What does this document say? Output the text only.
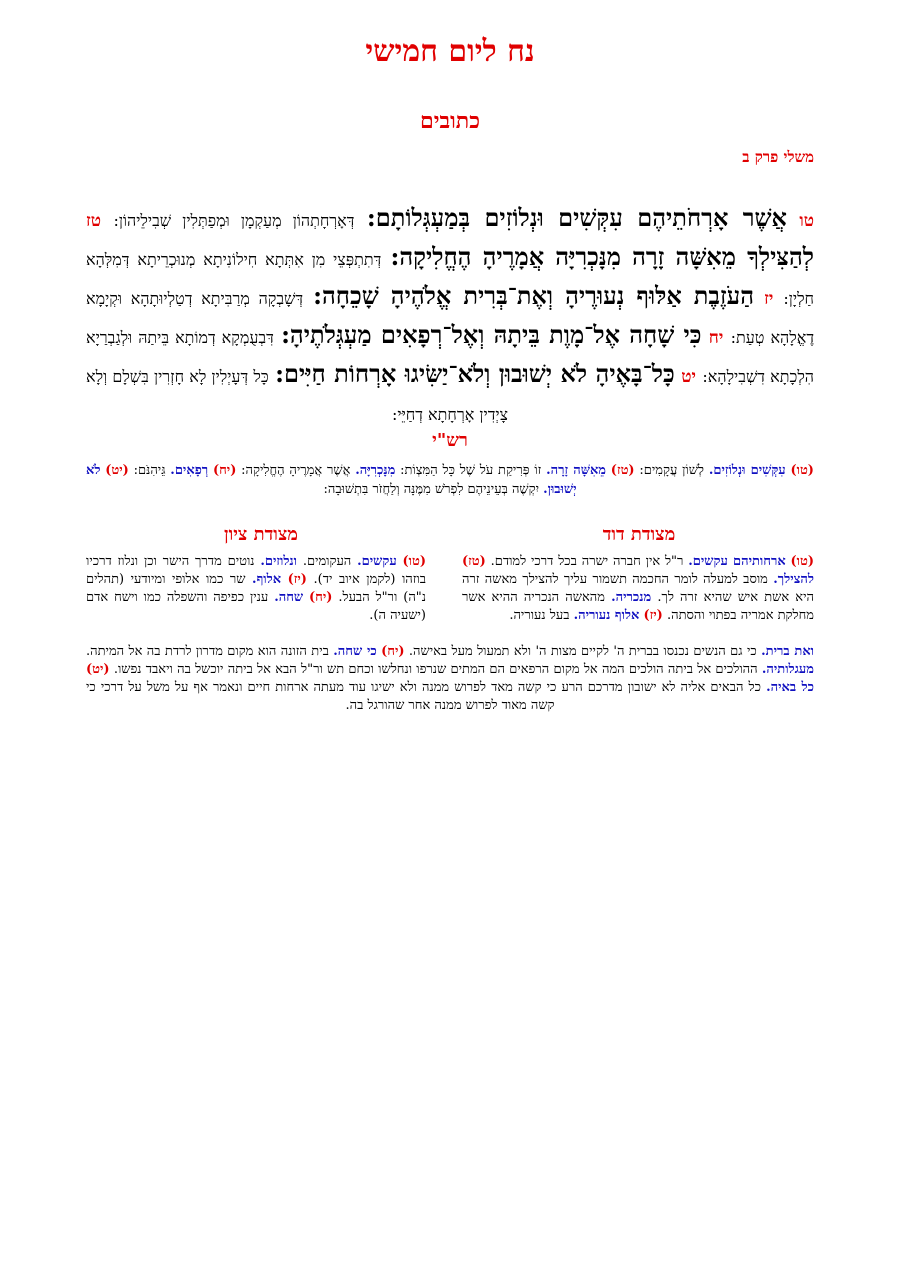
נח ליום חמישי
כתובים
משלי פרק ב

טו אֲשֶׁר אָרְחֹתֵיהֶם עִקְּשִׁים וּנְלוֹזִים בְּמַעְגְּלוֹתָם: דְּאָרְחָתְהוֹן מְעַקְמָן וּמְפַתְּלִין שְׁבִילֵיהוֹן: טז לְהַצִּילְךָ מֵאִשָּׁה זָרָה מִנָּכְרִיָּה אֲמָרֶיהָ הֶחֱלִיקָה: דְּתִתְפְּצֵי מִן אִתְּתָא חִילוֹנִיתָא מְנוּכְרֵיתָא דְּמִלְּהָא חַלְיָן: יז הַעֹזֶבֶת אַלּוּף נְעוּרֶיהָ וְאֶת־בְּרִית אֱלֹהֶיהָ שָׁכֵחָה: דְּשָׁבְקָה מְרַבִּיתָא דְטַלְיוּתָהָא וּקְיָמָא דֶאֱלָהָא טְעַת: יח כִּי שָׁחָה אֶל־מָוֶת בֵּיתָהּ וְאֶל־רְפָאִים מַעְגְּלֹתֶיהָ: דִּבְעֻמְקָא דְמוֹתָא בֵּיתַהּ וּלְגַבְרַיָא הִלְכָתָא דִשְׁבִילָהָא: יט כָּל־בָּאֶיהָ לֹא יְשׁוּבוּן וְלֹא־יַשִּׂיגוּ אָרְחוֹת חַיִּים: כָּל דְּעָיְלִין לָא חָזְרִין בִּשְׁלָם וְלָא צָיְדִין אָרְחָתָא דְחַיֵּי:

רש"י

(טו) עִקְּשִׁים וּנְלוֹזִים. לְשׁוֹן עֲקָמִים: (טז) מֵאִשָּׁה זָרָה. זוֹ פְּרִיקַת עֹל שֶׁל כָּל הַמִּצְוֹת: מִנָּכְרִיָּה. אֲשֶׁר אֲמָרֶיהָ הֶחֱלִיקָה: (יח) רְפָאִים. גֵּיהִנֹּם: (יט) לֹא יְשׁוּבוּן. יִקְשֶׁה בְּעֵינֵיהֶם לִפְרֹשׁ מִמֶּנָּה וְלַחֲזֹר בִּתְשׁוּבָה:

מצודת דוד
מצודת ציון

(טו) ארחותיהם עקשים. ר"ל אין חברה ישרה בכל דרכי למודם. (טז) להצילך. מוסב למעלה לומר החכמה תשמור עליך להצילך מאשה זרה היא אשת איש שהיא זרה לך. מנכריה. מהאשה הנכריה ההיא אשר מחלקת אמריה בפתוי והסתה. (יז) אלוף נעוריה. בעל נעוריה.

(טו) עקשים. העקומים. ונלוזים. נוטים מדרך הישר וכן ונלוז דרכיו בוזהו (לקמן איוב יד). (יז) אלוף. שר כמו אלופי ומיודעי (תהלים נ"ה) ור"ל הבעל. (יח) שחה. ענין כפיפה והשפלה כמו וישח אדם (ישעיה ה).

ואת ברית. כי גם הנשים נכנסו בברית ה' לקיים מצות ה' ולא תמעול מעל באישה. (יח) כי שחה. בית הזונה הוא מקום מדרון לרדת בה אל המיתה. מעגלותיה. ההולכים אל ביתה הולכים המה אל מקום הרפאים הם המתים שנרפו ונחלשו וכחם תש ור"ל הבא אל ביתה יוכשל בה ויאבד נפשו. (יט) כל באיה. כל הבאים אליה לא ישובון מדרכם הרע כי קשה מאד לפרוש ממנה ולא ישיגו עוד מעתה ארחות חיים ונאמר אף על משל על דרכי כי קשה מאוד לפרוש ממנה אחר שהורגל בה.
